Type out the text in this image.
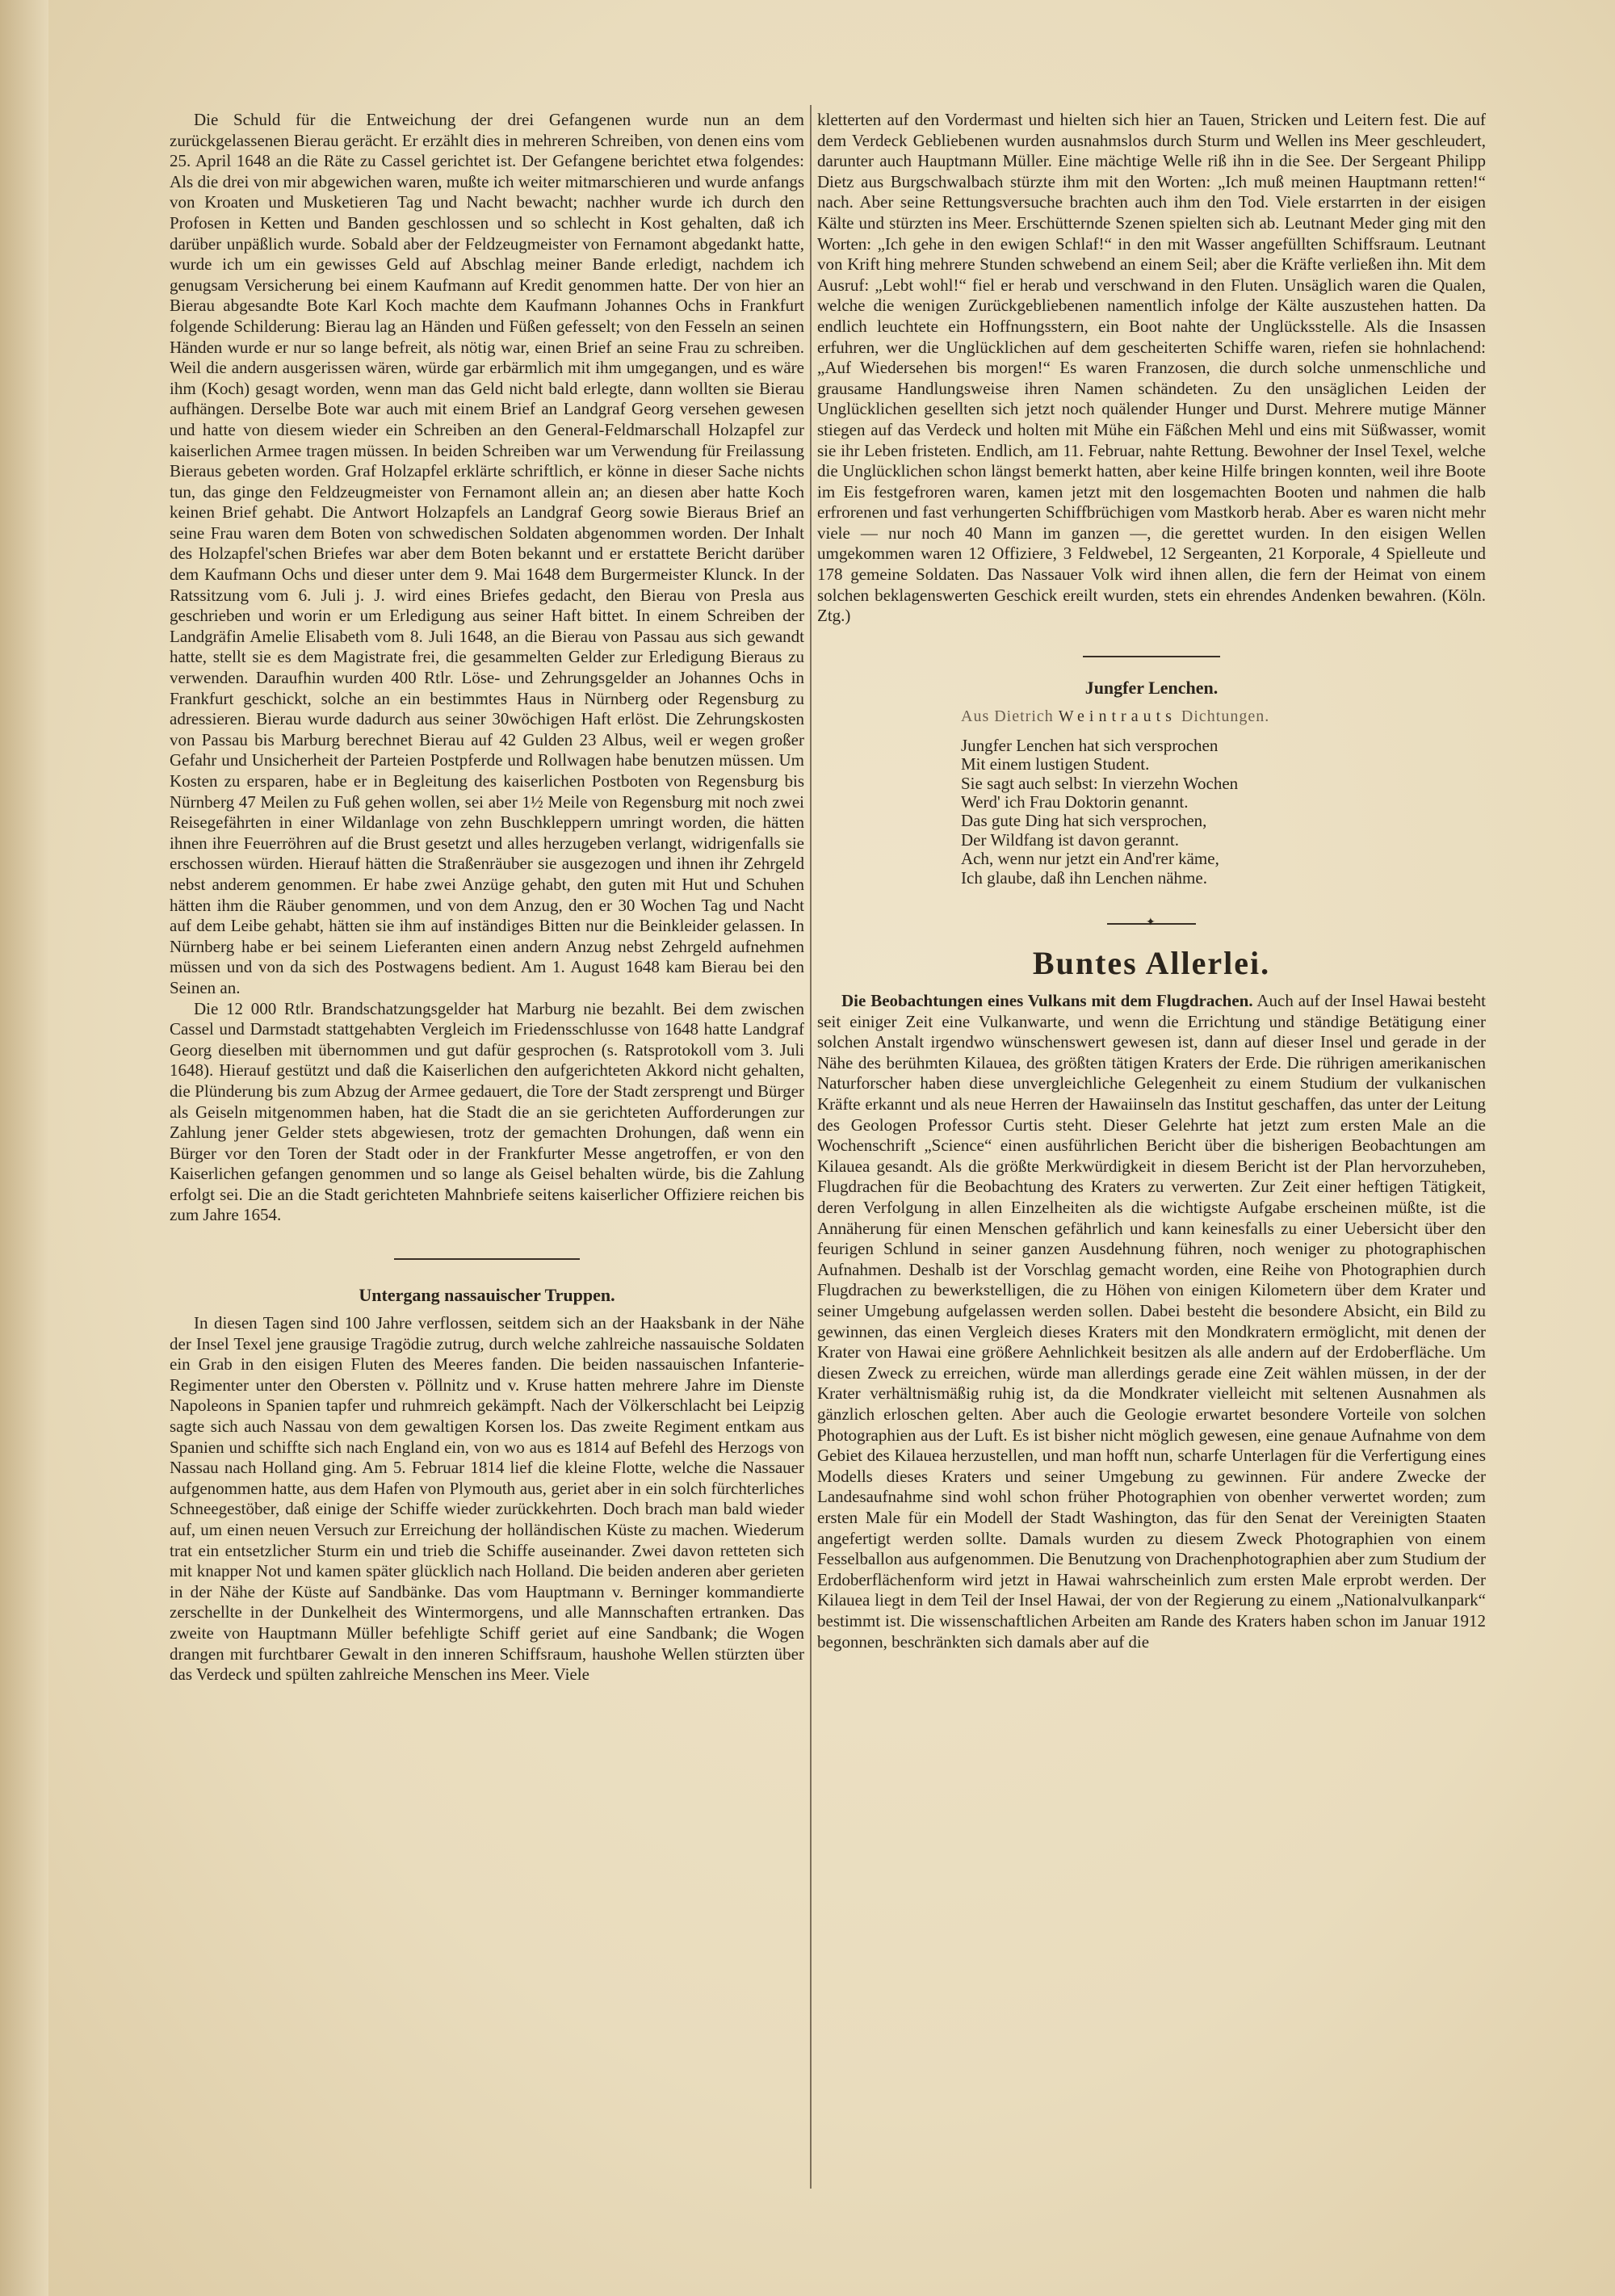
Die Schuld für die Entweichung der drei Gefangenen wurde nun an dem zurückgelassenen Bierau gerächt. Er erzählt dies in mehreren Schreiben, von denen eins vom 25. April 1648 an die Räte zu Cassel gerichtet ist. Der Gefangene berichtet etwa folgendes: Als die drei von mir abgewichen waren, mußte ich weiter mitmarschieren und wurde anfangs von Kroaten und Musketieren Tag und Nacht bewacht; nachher wurde ich durch den Profosen in Ketten und Banden geschlossen und so schlecht in Kost gehalten, daß ich darüber unpäßlich wurde. Sobald aber der Feldzeugmeister von Fernamont abgedankt hatte, wurde ich um ein gewisses Geld auf Abschlag meiner Bande erledigt, nachdem ich genugsam Versicherung bei einem Kaufmann auf Kredit genommen hatte. Der von hier an Bierau abgesandte Bote Karl Koch machte dem Kaufmann Johannes Ochs in Frankfurt folgende Schilderung: Bierau lag an Händen und Füßen gefesselt; von den Fesseln an seinen Händen wurde er nur so lange befreit, als nötig war, einen Brief an seine Frau zu schreiben. Weil die andern ausgerissen wären, würde gar erbärmlich mit ihm umgegangen, und es wäre ihm (Koch) gesagt worden, wenn man das Geld nicht bald erlegte, dann wollten sie Bierau aufhängen. Derselbe Bote war auch mit einem Brief an Landgraf Georg versehen gewesen und hatte von diesem wieder ein Schreiben an den General-Feldmarschall Holzapfel zur kaiserlichen Armee tragen müssen. In beiden Schreiben war um Verwendung für Freilassung Bieraus gebeten worden. Graf Holzapfel erklärte schriftlich, er könne in dieser Sache nichts tun, das ginge den Feldzeugmeister von Fernamont allein an; an diesen aber hatte Koch keinen Brief gehabt. Die Antwort Holzapfels an Landgraf Georg sowie Bieraus Brief an seine Frau waren dem Boten von schwedischen Soldaten abgenommen worden. Der Inhalt des Holzapfel'schen Briefes war aber dem Boten bekannt und er erstattete Bericht darüber dem Kaufmann Ochs und dieser unter dem 9. Mai 1648 dem Burgermeister Klunck. In der Ratssitzung vom 6. Juli j. J. wird eines Briefes gedacht, den Bierau von Presla aus geschrieben und worin er um Erledigung aus seiner Haft bittet. In einem Schreiben der Landgräfin Amelie Elisabeth vom 8. Juli 1648, an die Bierau von Passau aus sich gewandt hatte, stellt sie es dem Magistrate frei, die gesammelten Gelder zur Erledigung Bieraus zu verwenden. Daraufhin wurden 400 Rtlr. Löse- und Zehrungsgelder an Johannes Ochs in Frankfurt geschickt, solche an ein bestimmtes Haus in Nürnberg oder Regensburg zu adressieren. Bierau wurde dadurch aus seiner 30wöchigen Haft erlöst. Die Zehrungskosten von Passau bis Marburg berechnet Bierau auf 42 Gulden 23 Albus, weil er wegen großer Gefahr und Unsicherheit der Parteien Postpferde und Rollwagen habe benutzen müssen. Um Kosten zu ersparen, habe er in Begleitung des kaiserlichen Postboten von Regensburg bis Nürnberg 47 Meilen zu Fuß gehen wollen, sei aber 1½ Meile von Regensburg mit noch zwei Reisegefährten in einer Wildanlage von zehn Buschkleppern umringt worden, die hätten ihnen ihre Feuerröhren auf die Brust gesetzt und alles herzugeben verlangt, widrigenfalls sie erschossen würden. Hierauf hätten die Straßenräuber sie ausgezogen und ihnen ihr Zehrgeld nebst anderem genommen. Er habe zwei Anzüge gehabt, den guten mit Hut und Schuhen hätten ihm die Räuber genommen, und von dem Anzug, den er 30 Wochen Tag und Nacht auf dem Leibe gehabt, hätten sie ihm auf inständiges Bitten nur die Beinkleider gelassen. In Nürnberg habe er bei seinem Lieferanten einen andern Anzug nebst Zehrgeld aufnehmen müssen und von da sich des Postwagens bedient. Am 1. August 1648 kam Bierau bei den Seinen an.

Die 12 000 Rtlr. Brandschatzungsgelder hat Marburg nie bezahlt. Bei dem zwischen Cassel und Darmstadt stattgehabten Vergleich im Friedensschlusse von 1648 hatte Landgraf Georg dieselben mit übernommen und gut dafür gesprochen (s. Ratsprotokoll vom 3. Juli 1648). Hierauf gestützt und daß die Kaiserlichen den aufgerichteten Akkord nicht gehalten, die Plünderung bis zum Abzug der Armee gedauert, die Tore der Stadt zersprengt und Bürger als Geiseln mitgenommen haben, hat die Stadt die an sie gerichteten Aufforderungen zur Zahlung jener Gelder stets abgewiesen, trotz der gemachten Drohungen, daß wenn ein Bürger vor den Toren der Stadt oder in der Frankfurter Messe angetroffen, er von den Kaiserlichen gefangen genommen und so lange als Geisel behalten würde, bis die Zahlung erfolgt sei. Die an die Stadt gerichteten Mahnbriefe seitens kaiserlicher Offiziere reichen bis zum Jahre 1654.

Untergang nassauischer Truppen.

In diesen Tagen sind 100 Jahre verflossen, seitdem sich an der Haaksbank in der Nähe der Insel Texel jene grausige Tragödie zutrug, durch welche zahlreiche nassauische Soldaten ein Grab in den eisigen Fluten des Meeres fanden. Die beiden nassauischen Infanterie-Regimenter unter den Obersten v. Pöllnitz und v. Kruse hatten mehrere Jahre im Dienste Napoleons in Spanien tapfer und ruhmreich gekämpft. Nach der Völkerschlacht bei Leipzig sagte sich auch Nassau von dem gewaltigen Korsen los. Das zweite Regiment entkam aus Spanien und schiffte sich nach England ein, von wo aus es 1814 auf Befehl des Herzogs von Nassau nach Holland ging. Am 5. Februar 1814 lief die kleine Flotte, welche die Nassauer aufgenommen hatte, aus dem Hafen von Plymouth aus, geriet aber in ein solch fürchterliches Schneegestöber, daß einige der Schiffe wieder zurückkehrten. Doch brach man bald wieder auf, um einen neuen Versuch zur Erreichung der holländischen Küste zu machen. Wiederum trat ein entsetzlicher Sturm ein und trieb die Schiffe auseinander. Zwei davon retteten sich mit knapper Not und kamen später glücklich nach Holland. Die beiden anderen aber gerieten in der Nähe der Küste auf Sandbänke. Das vom Hauptmann v. Berninger kommandierte zerschellte in der Dunkelheit des Wintermorgens, und alle Mannschaften ertranken. Das zweite von Hauptmann Müller befehligte Schiff geriet auf eine Sandbank; die Wogen drangen mit furchtbarer Gewalt in den inneren Schiffsraum, haushohe Wellen stürzten über das Verdeck und spülten zahlreiche Menschen ins Meer. Viele

kletterten auf den Vordermast und hielten sich hier an Tauen, Stricken und Leitern fest. Die auf dem Verdeck Gebliebenen wurden ausnahmslos durch Sturm und Wellen ins Meer geschleudert, darunter auch Hauptmann Müller. Eine mächtige Welle riß ihn in die See. Der Sergeant Philipp Dietz aus Burgschwalbach stürzte ihm mit den Worten: „Ich muß meinen Hauptmann retten!“ nach. Aber seine Rettungsversuche brachten auch ihm den Tod. Viele erstarrten in der eisigen Kälte und stürzten ins Meer. Erschütternde Szenen spielten sich ab. Leutnant Meder ging mit den Worten: „Ich gehe in den ewigen Schlaf!“ in den mit Wasser angefüllten Schiffsraum. Leutnant von Krift hing mehrere Stunden schwebend an einem Seil; aber die Kräfte verließen ihn. Mit dem Ausruf: „Lebt wohl!“ fiel er herab und verschwand in den Fluten. Unsäglich waren die Qualen, welche die wenigen Zurückgebliebenen namentlich infolge der Kälte auszustehen hatten. Da endlich leuchtete ein Hoffnungsstern, ein Boot nahte der Unglücksstelle. Als die Insassen erfuhren, wer die Unglücklichen auf dem gescheiterten Schiffe waren, riefen sie hohnlachend: „Auf Wiedersehen bis morgen!“ Es waren Franzosen, die durch solche unmenschliche und grausame Handlungsweise ihren Namen schändeten. Zu den unsäglichen Leiden der Unglücklichen gesellten sich jetzt noch quälender Hunger und Durst. Mehrere mutige Männer stiegen auf das Verdeck und holten mit Mühe ein Fäßchen Mehl und eins mit Süßwasser, womit sie ihr Leben fristeten. Endlich, am 11. Februar, nahte Rettung. Bewohner der Insel Texel, welche die Unglücklichen schon längst bemerkt hatten, aber keine Hilfe bringen konnten, weil ihre Boote im Eis festgefroren waren, kamen jetzt mit den losgemachten Booten und nahmen die halb erfrorenen und fast verhungerten Schiffbrüchigen vom Mastkorb herab. Aber es waren nicht mehr viele — nur noch 40 Mann im ganzen —, die gerettet wurden. In den eisigen Wellen umgekommen waren 12 Offiziere, 3 Feldwebel, 12 Sergeanten, 21 Korporale, 4 Spielleute und 178 gemeine Soldaten. Das Nassauer Volk wird ihnen allen, die fern der Heimat von einem solchen beklagenswerten Geschick ereilt wurden, stets ein ehrendes Andenken bewahren. (Köln. Ztg.)

Jungfer Lenchen.
Aus Dietrich Weintrauts Dichtungen.
Jungfer Lenchen hat sich versprochen
Mit einem lustigen Student.
Sie sagt auch selbst: In vierzehn Wochen
Werd' ich Frau Doktorin genannt.
Das gute Ding hat sich versprochen,
Der Wildfang ist davon gerannt.
Ach, wenn nur jetzt ein And'rer käme,
Ich glaube, daß ihn Lenchen nähme.
✦
Buntes Allerlei.

Die Beobachtungen eines Vulkans mit dem Flugdrachen. Auch auf der Insel Hawai besteht seit einiger Zeit eine Vulkanwarte, und wenn die Errichtung und ständige Betätigung einer solchen Anstalt irgendwo wünschenswert gewesen ist, dann auf dieser Insel und gerade in der Nähe des berühmten Kilauea, des größten tätigen Kraters der Erde. Die rührigen amerikanischen Naturforscher haben diese unvergleichliche Gelegenheit zu einem Studium der vulkanischen Kräfte erkannt und als neue Herren der Hawaiinseln das Institut geschaffen, das unter der Leitung des Geologen Professor Curtis steht. Dieser Gelehrte hat jetzt zum ersten Male an die Wochenschrift „Science“ einen ausführlichen Bericht über die bisherigen Beobachtungen am Kilauea gesandt. Als die größte Merkwürdigkeit in diesem Bericht ist der Plan hervorzuheben, Flugdrachen für die Beobachtung des Kraters zu verwerten. Zur Zeit einer heftigen Tätigkeit, deren Verfolgung in allen Einzelheiten als die wichtigste Aufgabe erscheinen müßte, ist die Annäherung für einen Menschen gefährlich und kann keinesfalls zu einer Uebersicht über den feurigen Schlund in seiner ganzen Ausdehnung führen, noch weniger zu photographischen Aufnahmen. Deshalb ist der Vorschlag gemacht worden, eine Reihe von Photographien durch Flugdrachen zu bewerkstelligen, die zu Höhen von einigen Kilometern über dem Krater und seiner Umgebung aufgelassen werden sollen. Dabei besteht die besondere Absicht, ein Bild zu gewinnen, das einen Vergleich dieses Kraters mit den Mondkratern ermöglicht, mit denen der Krater von Hawai eine größere Aehnlichkeit besitzen als alle andern auf der Erdoberfläche. Um diesen Zweck zu erreichen, würde man allerdings gerade eine Zeit wählen müssen, in der der Krater verhältnismäßig ruhig ist, da die Mondkrater vielleicht mit seltenen Ausnahmen als gänzlich erloschen gelten. Aber auch die Geologie erwartet besondere Vorteile von solchen Photographien aus der Luft. Es ist bisher nicht möglich gewesen, eine genaue Aufnahme von dem Gebiet des Kilauea herzustellen, und man hofft nun, scharfe Unterlagen für die Verfertigung eines Modells dieses Kraters und seiner Umgebung zu gewinnen. Für andere Zwecke der Landesaufnahme sind wohl schon früher Photographien von obenher verwertet worden; zum ersten Male für ein Modell der Stadt Washington, das für den Senat der Vereinigten Staaten angefertigt werden sollte. Damals wurden zu diesem Zweck Photographien von einem Fesselballon aus aufgenommen. Die Benutzung von Drachenphotographien aber zum Studium der Erdoberflächenform wird jetzt in Hawai wahrscheinlich zum ersten Male erprobt werden. Der Kilauea liegt in dem Teil der Insel Hawai, der von der Regierung zu einem „Nationalvulkanpark“ bestimmt ist. Die wissenschaftlichen Arbeiten am Rande des Kraters haben schon im Januar 1912 begonnen, beschränkten sich damals aber auf die
